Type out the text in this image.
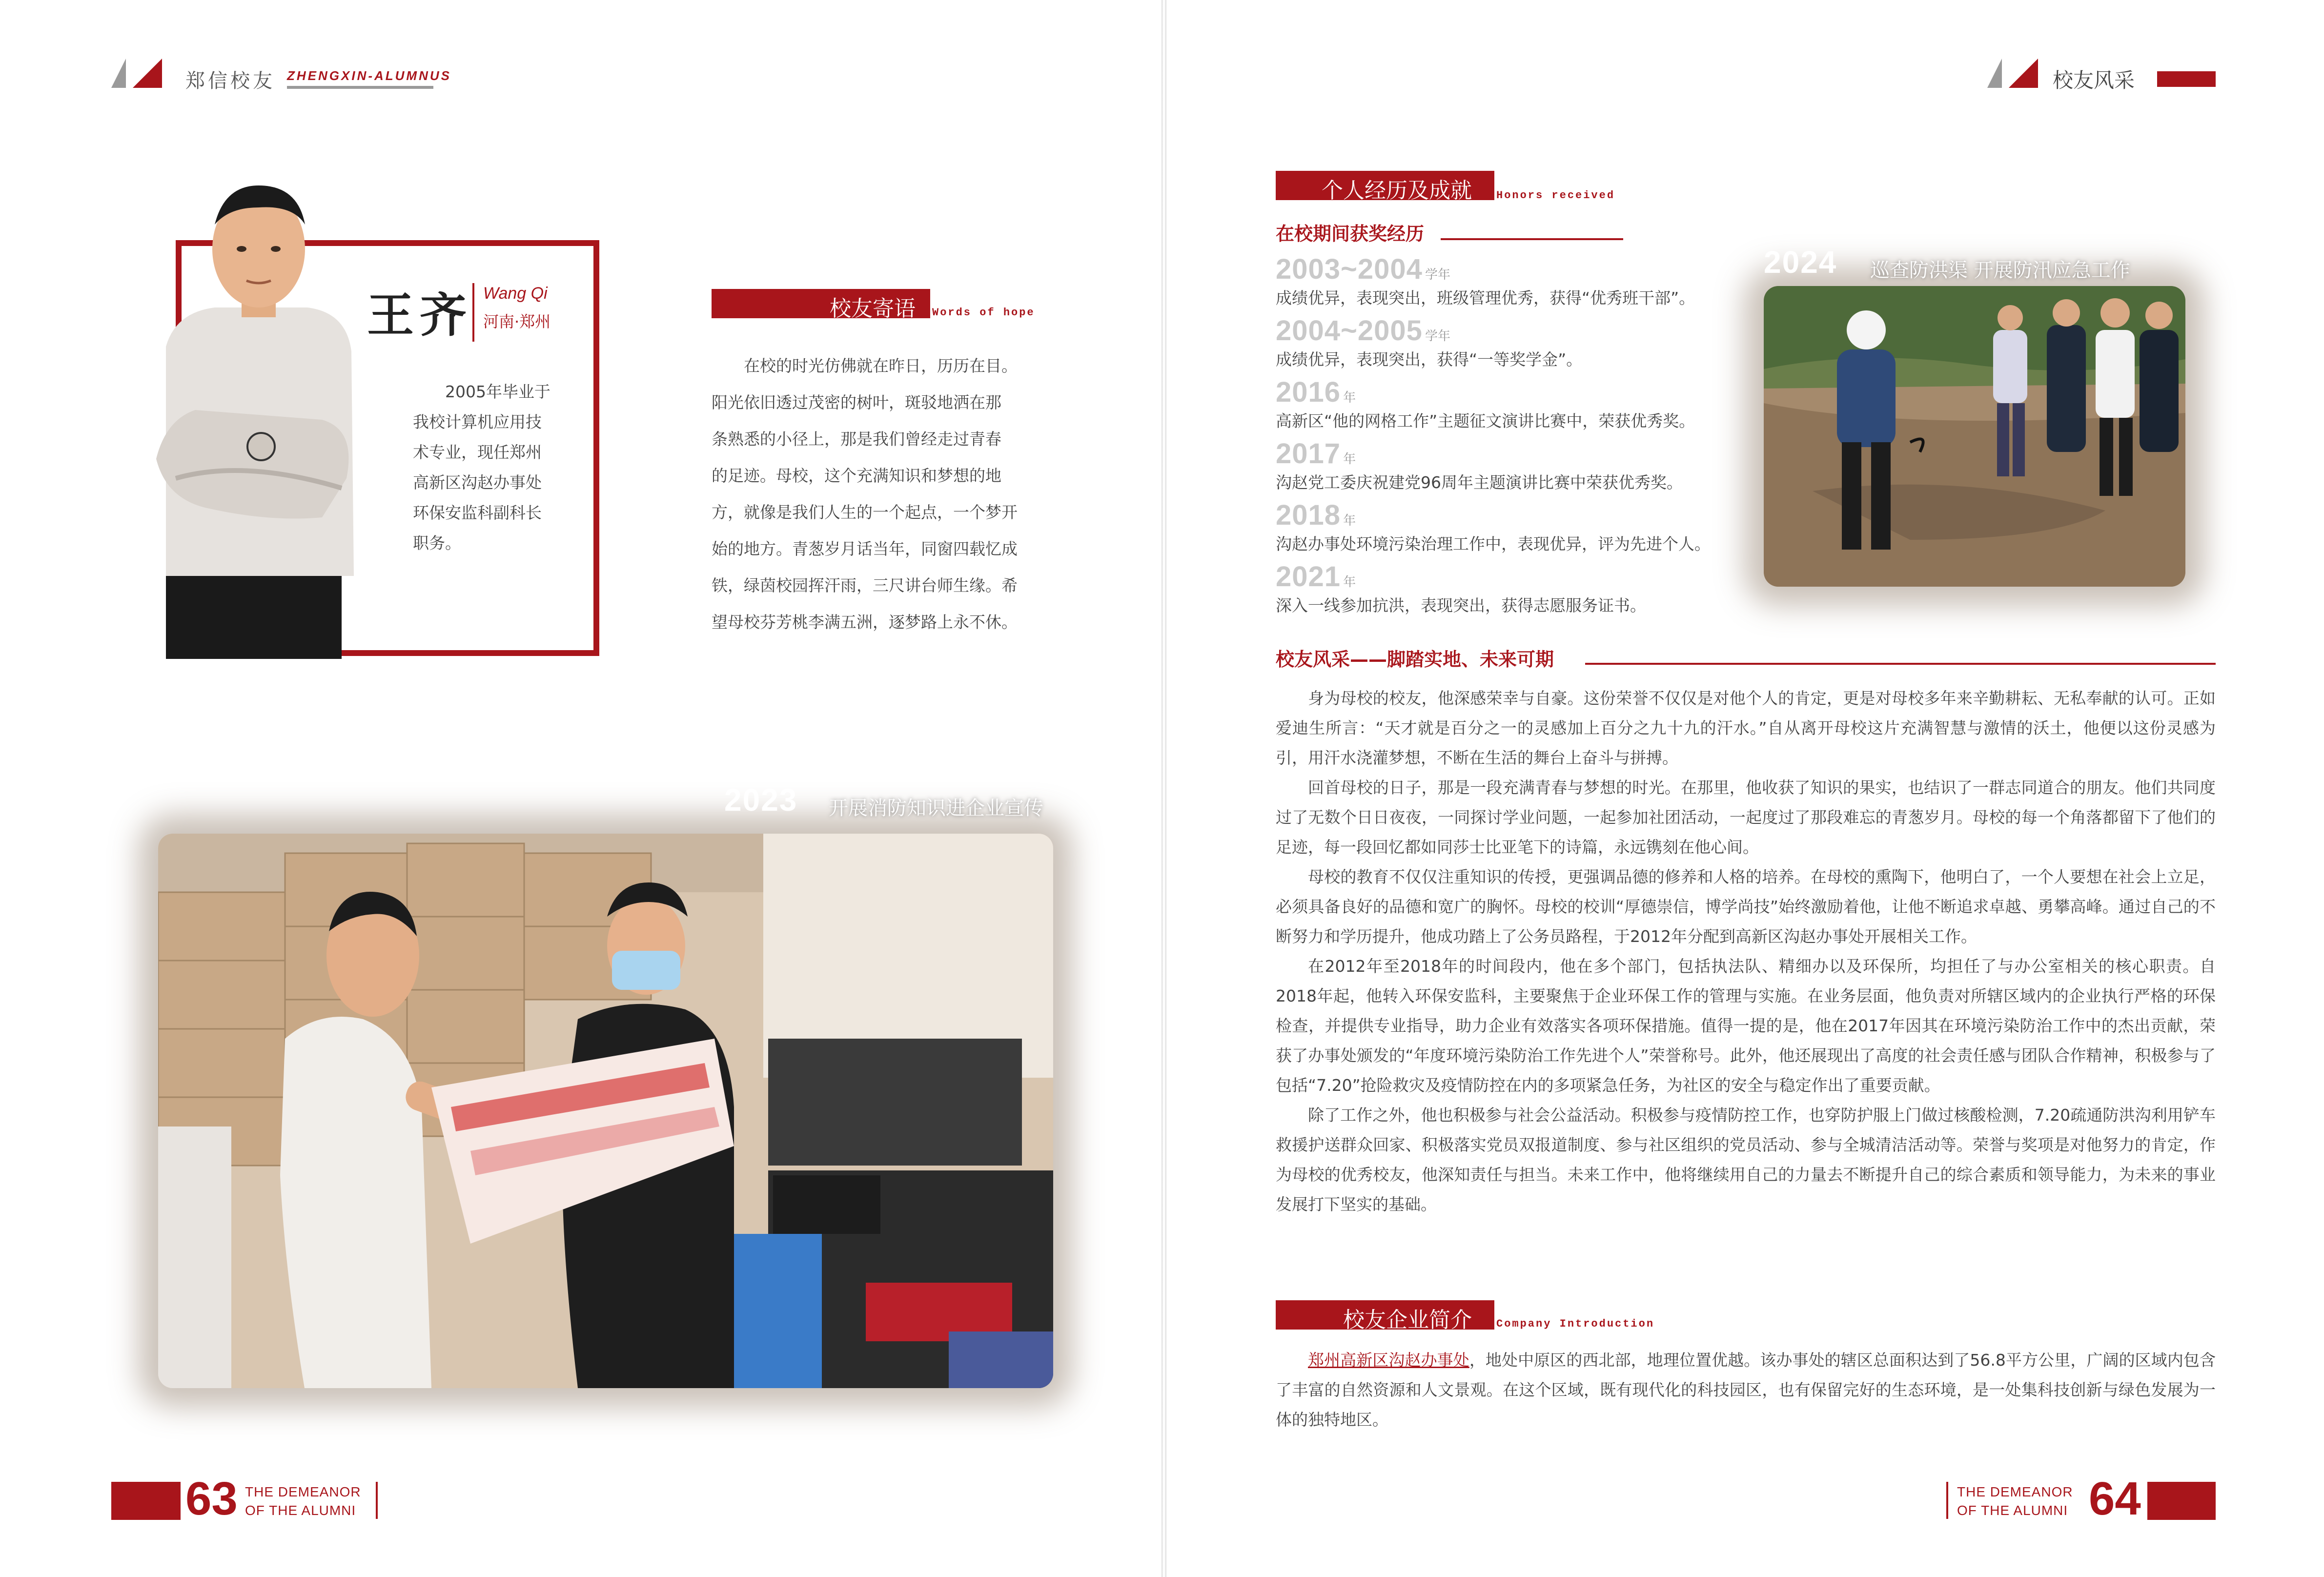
郑信校友 ZHENGXIN-ALUMNUS
王齐 Wang Qi
河南·郑州
2005年毕业于
我校计算机应用技
术专业，现任郑州
高新区沟赵办事处
环保安监科副科长
职务。
校友寄语 Words of hope
在校的时光仿佛就在昨日，历历在目。
阳光依旧透过茂密的树叶，斑驳地洒在那
条熟悉的小径上，那是我们曾经走过青春
的足迹。母校，这个充满知识和梦想的地
方，就像是我们人生的一个起点，一个梦开
始的地方。青葱岁月话当年，同窗四载忆成
铁，绿茵校园挥汗雨，三尺讲台师生缘。希
望母校芬芳桃李满五洲，逐梦路上永不休。
2023 开展消防知识进企业宣传
63 THE DEMEANOR
OF THE ALUMNI
校友风采
个人经历及成就 Honors received
在校期间获奖经历
2003~2004 学年
成绩优异，表现突出，班级管理优秀，获得“优秀班干部”。
2004~2005 学年
成绩优异，表现突出，获得“一等奖学金”。
2016 年
高新区“他的网格工作”主题征文演讲比赛中，荣获优秀奖。
2017 年
沟赵党工委庆祝建党96周年主题演讲比赛中荣获优秀奖。
2018 年
沟赵办事处环境污染治理工作中，表现优异，评为先进个人。
2021 年
深入一线参加抗洪，表现突出，获得志愿服务证书。
2024 巡查防洪渠 开展防汛应急工作
校友风采——脚踏实地、未来可期

身为母校的校友，他深感荣幸与自豪。这份荣誉不仅仅是对他个人的肯定，更是对母校多年来辛勤耕耘、无私奉献的认可。正如爱迪生所言：“天才就是百分之一的灵感加上百分之九十九的汗水。”自从离开母校这片充满智慧与激情的沃土，他便以这份灵感为引，用汗水浇灌梦想，不断在生活的舞台上奋斗与拼搏。

回首母校的日子，那是一段充满青春与梦想的时光。在那里，他收获了知识的果实，也结识了一群志同道合的朋友。他们共同度过了无数个日日夜夜，一同探讨学业问题，一起参加社团活动，一起度过了那段难忘的青葱岁月。母校的每一个角落都留下了他们的足迹，每一段回忆都如同莎士比亚笔下的诗篇，永远镌刻在他心间。

母校的教育不仅仅注重知识的传授，更强调品德的修养和人格的培养。在母校的熏陶下，他明白了，一个人要想在社会上立足，必须具备良好的品德和宽广的胸怀。母校的校训“厚德崇信，博学尚技”始终激励着他，让他不断追求卓越、勇攀高峰。通过自己的不断努力和学历提升，他成功踏上了公务员路程，于2012年分配到高新区沟赵办事处开展相关工作。

在2012年至2018年的时间段内，他在多个部门，包括执法队、精细办以及环保所，均担任了与办公室相关的核心职责。自2018年起，他转入环保安监科，主要聚焦于企业环保工作的管理与实施。在业务层面，他负责对所辖区域内的企业执行严格的环保检查，并提供专业指导，助力企业有效落实各项环保措施。值得一提的是，他在2017年因其在环境污染防治工作中的杰出贡献，荣获了办事处颁发的“年度环境污染防治工作先进个人”荣誉称号。此外，他还展现出了高度的社会责任感与团队合作精神，积极参与了包括“7.20”抢险救灾及疫情防控在内的多项紧急任务，为社区的安全与稳定作出了重要贡献。

除了工作之外，他也积极参与社会公益活动。积极参与疫情防控工作，也穿防护服上门做过核酸检测，7.20疏通防洪沟利用铲车救援护送群众回家、积极落实党员双报道制度、参与社区组织的党员活动、参与全城清洁活动等。荣誉与奖项是对他努力的肯定，作为母校的优秀校友，他深知责任与担当。未来工作中，他将继续用自己的力量去不断提升自己的综合素质和领导能力，为未来的事业发展打下坚实的基础。

校友企业简介 Company Introduction

郑州高新区沟赵办事处，地处中原区的西北部，地理位置优越。该办事处的辖区总面积达到了56.8平方公里，广阔的区域内包含了丰富的自然资源和人文景观。在这个区域，既有现代化的科技园区，也有保留完好的生态环境，是一处集科技创新与绿色发展为一体的独特地区。

THE DEMEANOR
OF THE ALUMNI 64
